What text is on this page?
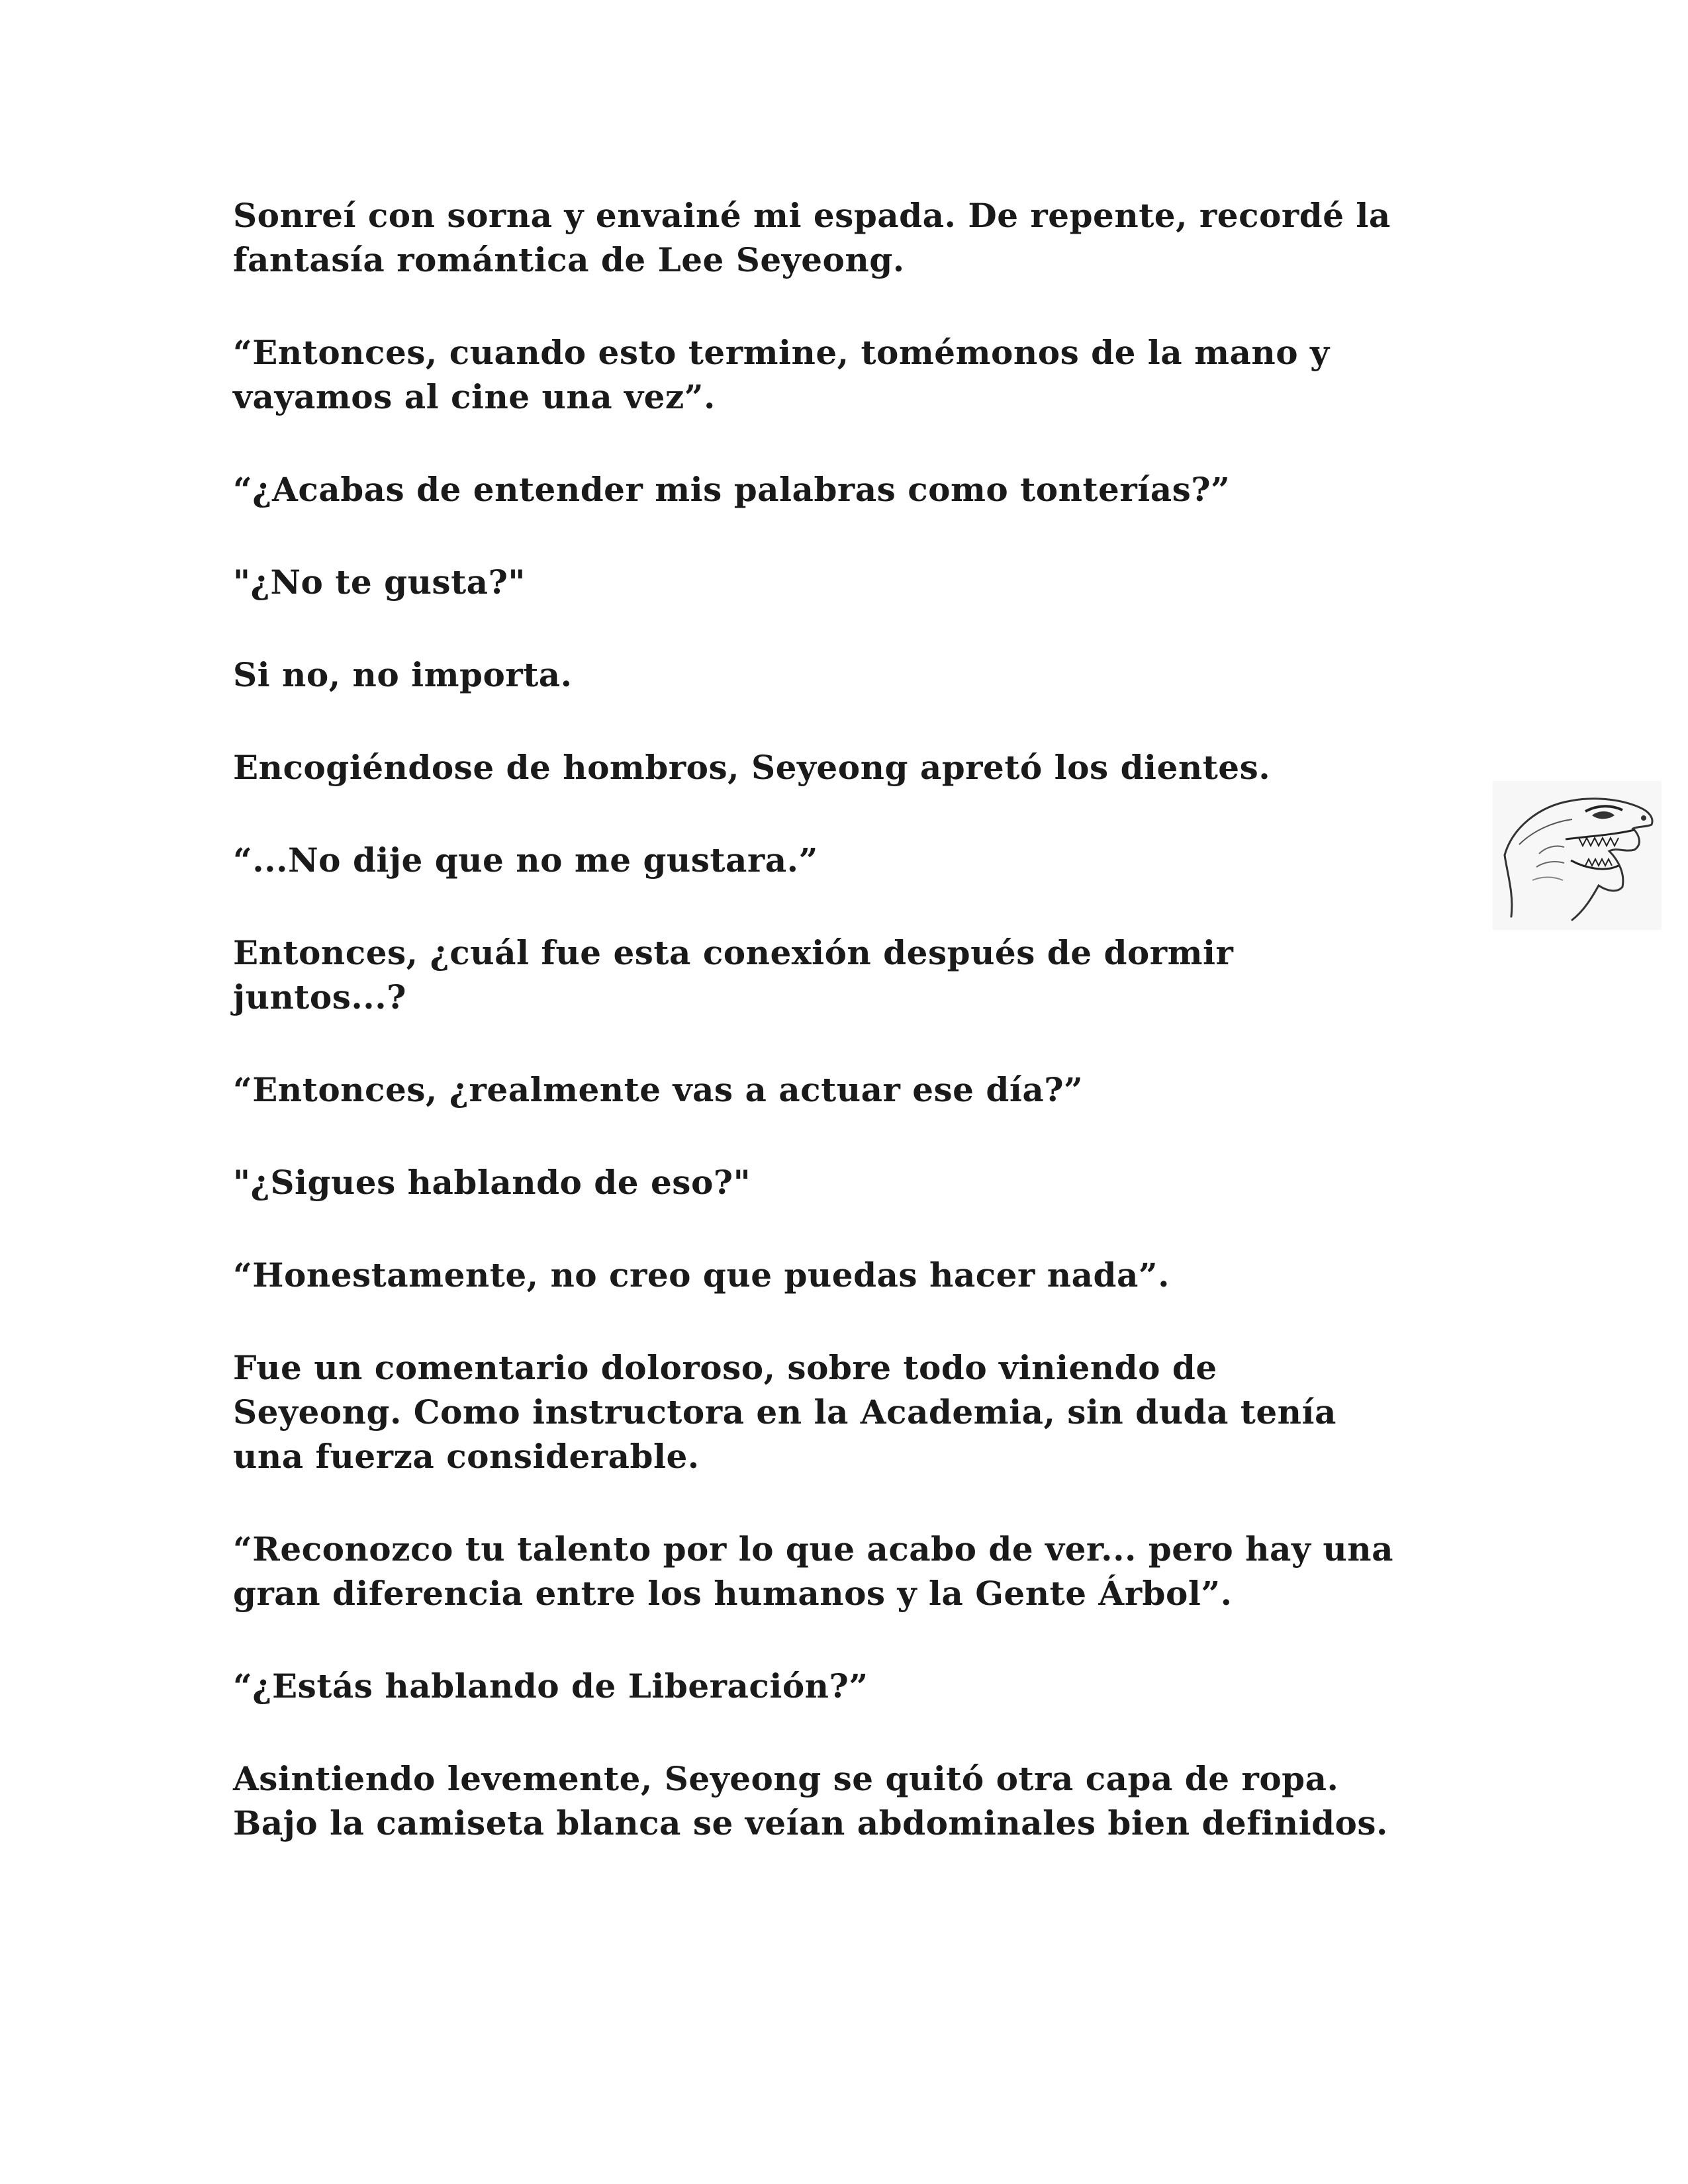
Sonreí con sorna y envainé mi espada. De repente, recordé la
fantasía romántica de Lee Seyeong.

“Entonces, cuando esto termine, tomémonos de la mano y
vayamos al cine una vez”.

“¿Acabas de entender mis palabras como tonterías?”

"¿No te gusta?"

Si no, no importa.

Encogiéndose de hombros, Seyeong apretó los dientes.

“...No dije que no me gustara.”

Entonces, ¿cuál fue esta conexión después de dormir
juntos...?

“Entonces, ¿realmente vas a actuar ese día?”

"¿Sigues hablando de eso?"

“Honestamente, no creo que puedas hacer nada”.

Fue un comentario doloroso, sobre todo viniendo de
Seyeong. Como instructora en la Academia, sin duda tenía
una fuerza considerable.

“Reconozco tu talento por lo que acabo de ver... pero hay una
gran diferencia entre los humanos y la Gente Árbol”.

“¿Estás hablando de Liberación?”

Asintiendo levemente, Seyeong se quitó otra capa de ropa.
Bajo la camiseta blanca se veían abdominales bien definidos.
